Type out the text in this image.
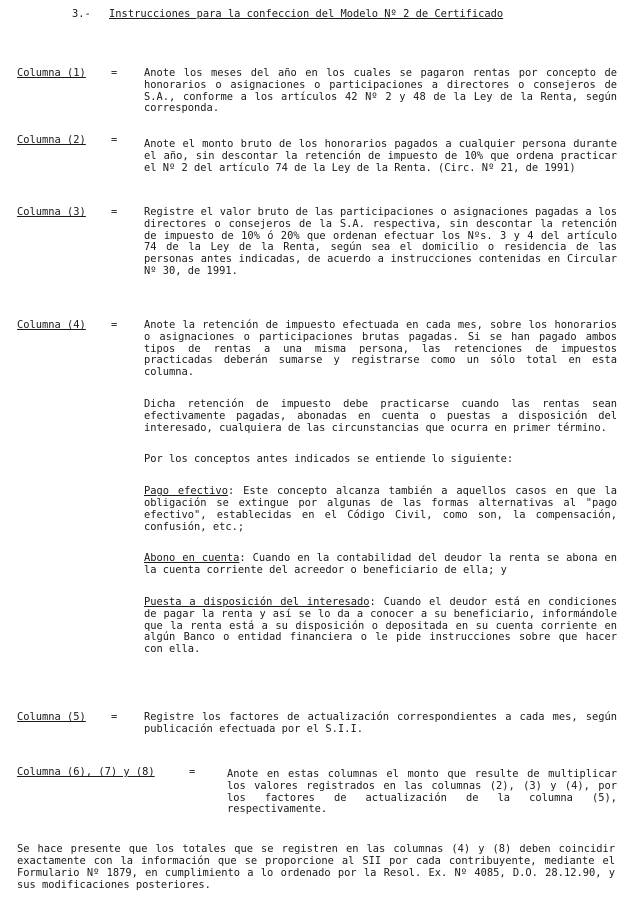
3.- Instrucciones para la confeccion del Modelo Nº 2 de Certificado
Columna (1)	=	Anote los meses del año en los cuales se pagaron rentas por concepto de honorarios o asignaciones o participaciones a directores o consejeros de S.A., conforme a los artículos 42 Nº 2 y 48 de la Ley de la Renta, según corresponda.

Columna (2)	=	Anote el monto bruto de los honorarios pagados a cualquier persona durante el año, sin descontar la retención de impuesto de 10% que ordena practicar el Nº 2 del artículo 74 de la Ley de la Renta. (Circ. Nº 21, de 1991)

Columna (3)	=	Registre el valor bruto de las participaciones o asignaciones pagadas a los directores o consejeros de la S.A. respectiva, sin descontar la retención de impuesto de 10% ó 20% que ordenan efectuar los Nºs. 3 y 4 del artículo 74 de la Ley de la Renta, según sea el domicilio o residencia de las personas antes indicadas, de acuerdo a instrucciones contenidas en Circular Nº 30, de 1991.

Columna (4)	=	Anote la retención de impuesto efectuada en cada mes, sobre los honorarios o asignaciones o participaciones brutas pagadas. Si se han pagado ambos tipos de rentas a una misma persona, las retenciones de impuestos practicadas deberán sumarse y registrarse como un sólo total en esta columna.

Dicha retención de impuesto debe practicarse cuando las rentas sean efectivamente pagadas, abonadas en cuenta o puestas a disposición del interesado, cualquiera de las circunstancias que ocurra en primer término.

Por los conceptos antes indicados se entiende lo siguiente:

Pago efectivo: Este concepto alcanza también a aquellos casos en que la obligación se extingue por algunas de las formas alternativas al "pago efectivo", establecidas en el Código Civil, como son, la compensación, confusión, etc.;

Abono en cuenta: Cuando en la contabilidad del deudor la renta se abona en la cuenta corriente del acreedor o beneficiario de ella; y

Puesta a disposición del interesado: Cuando el deudor está en condiciones de pagar la renta y así se lo da a conocer a su beneficiario, informándole que la renta está a su disposición o depositada en su cuenta corriente en algún Banco o entidad financiera o le pide instrucciones sobre que hacer con ella.

Columna (5)	=	Registre los factores de actualización correspondientes a cada mes, según publicación efectuada por el S.I.I.

Columna (6), (7) y (8)	=	Anote en estas columnas el monto que resulte de multiplicar los valores registrados en las columnas (2), (3) y (4), por los factores de actualización de la columna (5), respectivamente.

Se hace presente que los totales que se registren en las columnas (4) y (8) deben coincidir exactamente con la información que se proporcione al SII por cada contribuyente, mediante el Formulario Nº 1879, en cumplimiento a lo ordenado por la Resol. Ex. Nº 4085, D.O. 28.12.90, y sus modificaciones posteriores.
